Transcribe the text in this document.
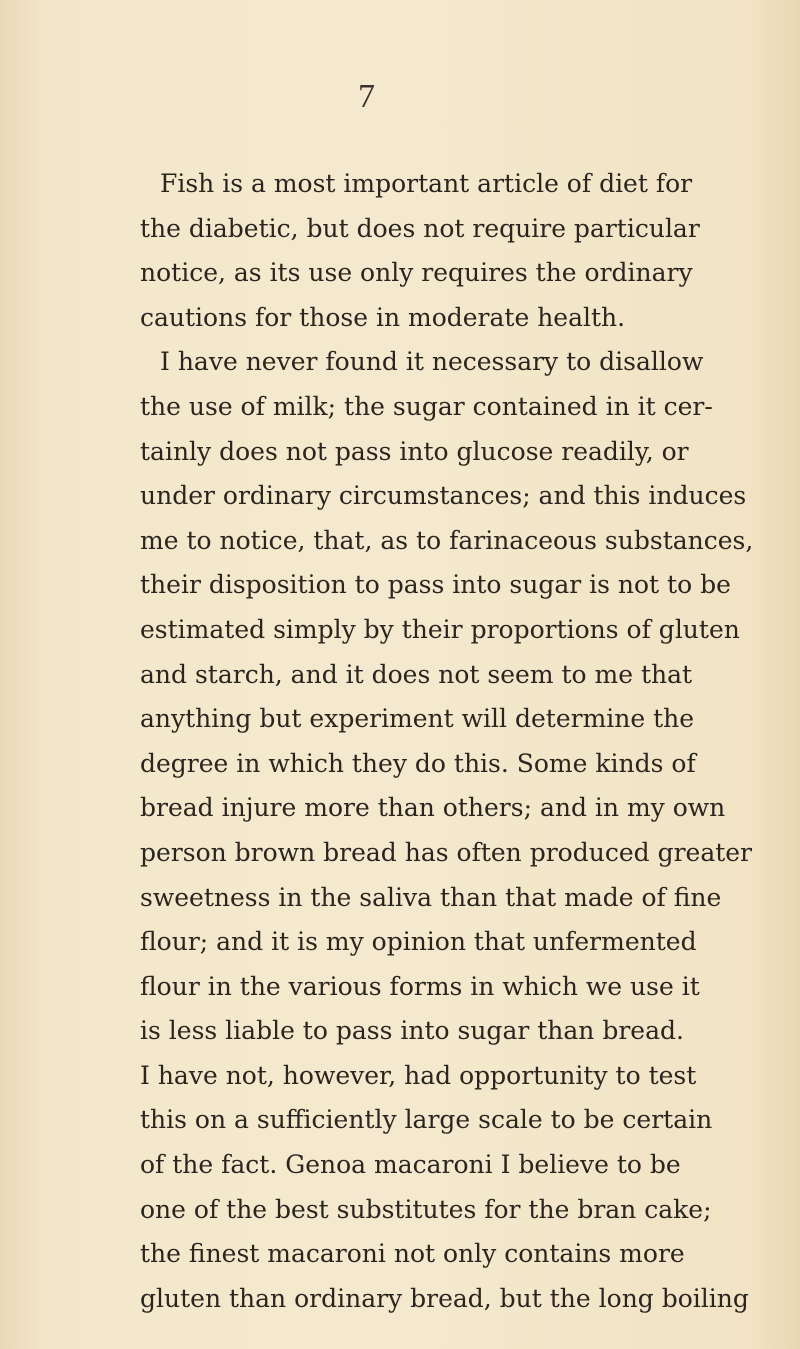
7
Fish is a most important article of diet for
the diabetic, but does not require particular
notice, as its use only requires the ordinary
cautions for those in moderate health.
I have never found it necessary to disallow
the use of milk; the sugar contained in it cer-
tainly does not pass into glucose readily, or
under ordinary circumstances; and this induces
me to notice, that, as to farinaceous substances,
their disposition to pass into sugar is not to be
estimated simply by their proportions of gluten
and starch, and it does not seem to me that
anything but experiment will determine the
degree in which they do this. Some kinds of
bread injure more than others; and in my own
person brown bread has often produced greater
sweetness in the saliva than that made of fine
flour; and it is my opinion that unfermented
flour in the various forms in which we use it
is less liable to pass into sugar than bread.
I have not, however, had opportunity to test
this on a sufficiently large scale to be certain
of the fact. Genoa macaroni I believe to be
one of the best substitutes for the bran cake;
the finest macaroni not only contains more
gluten than ordinary bread, but the long boiling
